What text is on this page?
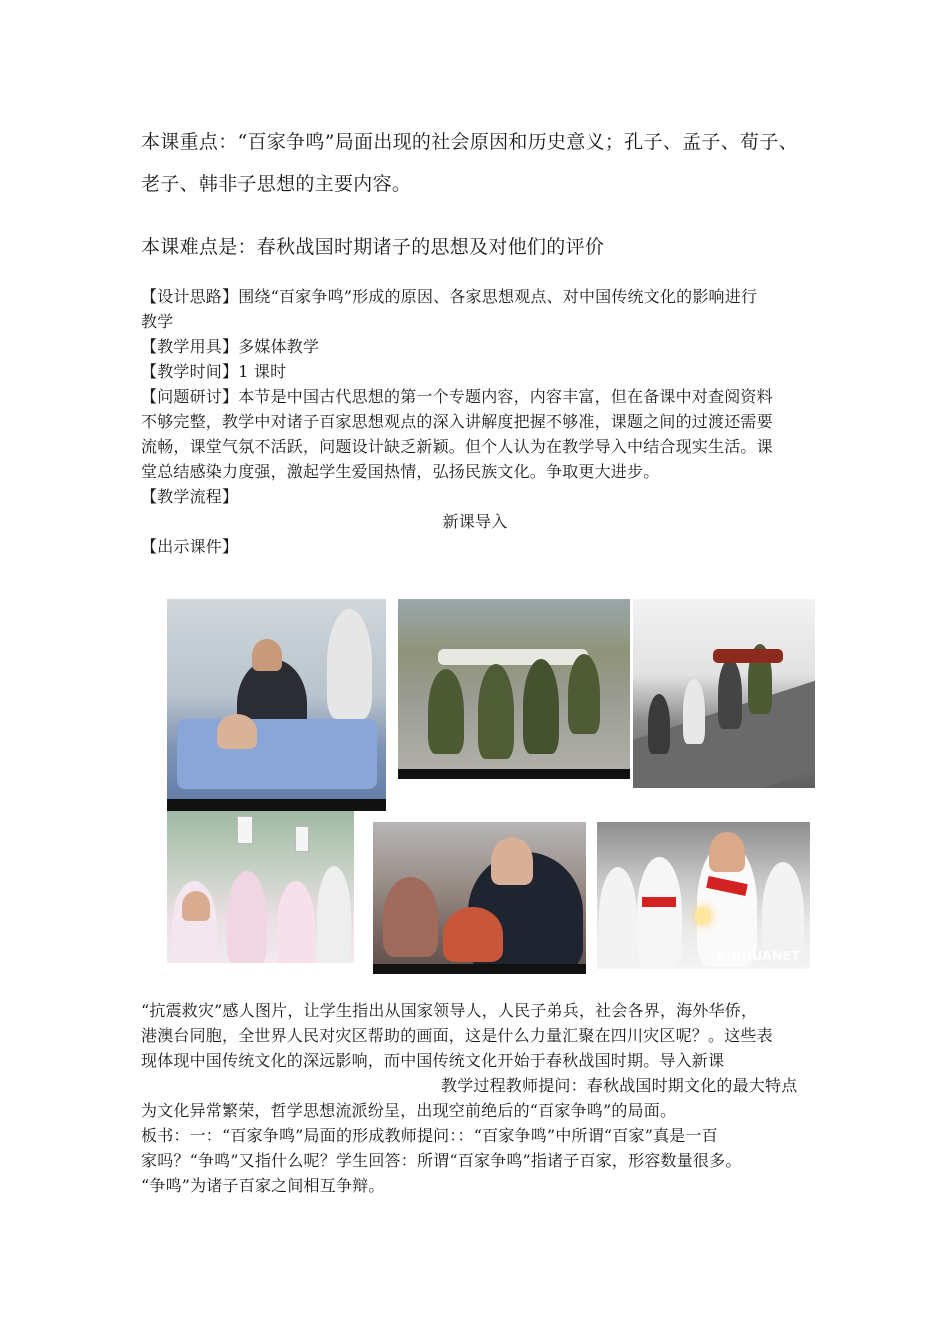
本课重点：“百家争鸣”局面出现的社会原因和历史意义；孔子、孟子、荀子、

老子、韩非子思想的主要内容。

本课难点是：春秋战国时期诸子的思想及对他们的评价

【设计思路】围绕“百家争鸣”形成的原因、各家思想观点、对中国传统文化的影响进行

教学

【教学用具】多媒体教学

【教学时间】1 课时

【问题研讨】本节是中国古代思想的第一个专题内容，内容丰富，但在备课中对查阅资料

不够完整，教学中对诸子百家思想观点的深入讲解度把握不够准，课题之间的过渡还需要

流畅，课堂气氛不活跃，问题设计缺乏新颖。但个人认为在教学导入中结合现实生活。课

堂总结感染力度强，激起学生爱国热情，弘扬民族文化。争取更大进步。

【教学流程】

新课导入

【出示课件】

XINHUANET

“抗震救灾”感人图片，让学生指出从国家领导人，人民子弟兵，社会各界，海外华侨，

港澳台同胞，全世界人民对灾区帮助的画面，这是什么力量汇聚在四川灾区呢？。这些表

现体现中国传统文化的深远影响，而中国传统文化开始于春秋战国时期。导入新课

教学过程教师提问：春秋战国时期文化的最大特点

为文化异常繁荣，哲学思想流派纷呈，出现空前绝后的“百家争鸣”的局面。

板书：一：“百家争鸣”局面的形成教师提问：：“百家争鸣”中所谓“百家”真是一百

家吗？“争鸣”又指什么呢？学生回答：所谓“百家争鸣”指诸子百家，形容数量很多。

“争鸣”为诸子百家之间相互争辩。
